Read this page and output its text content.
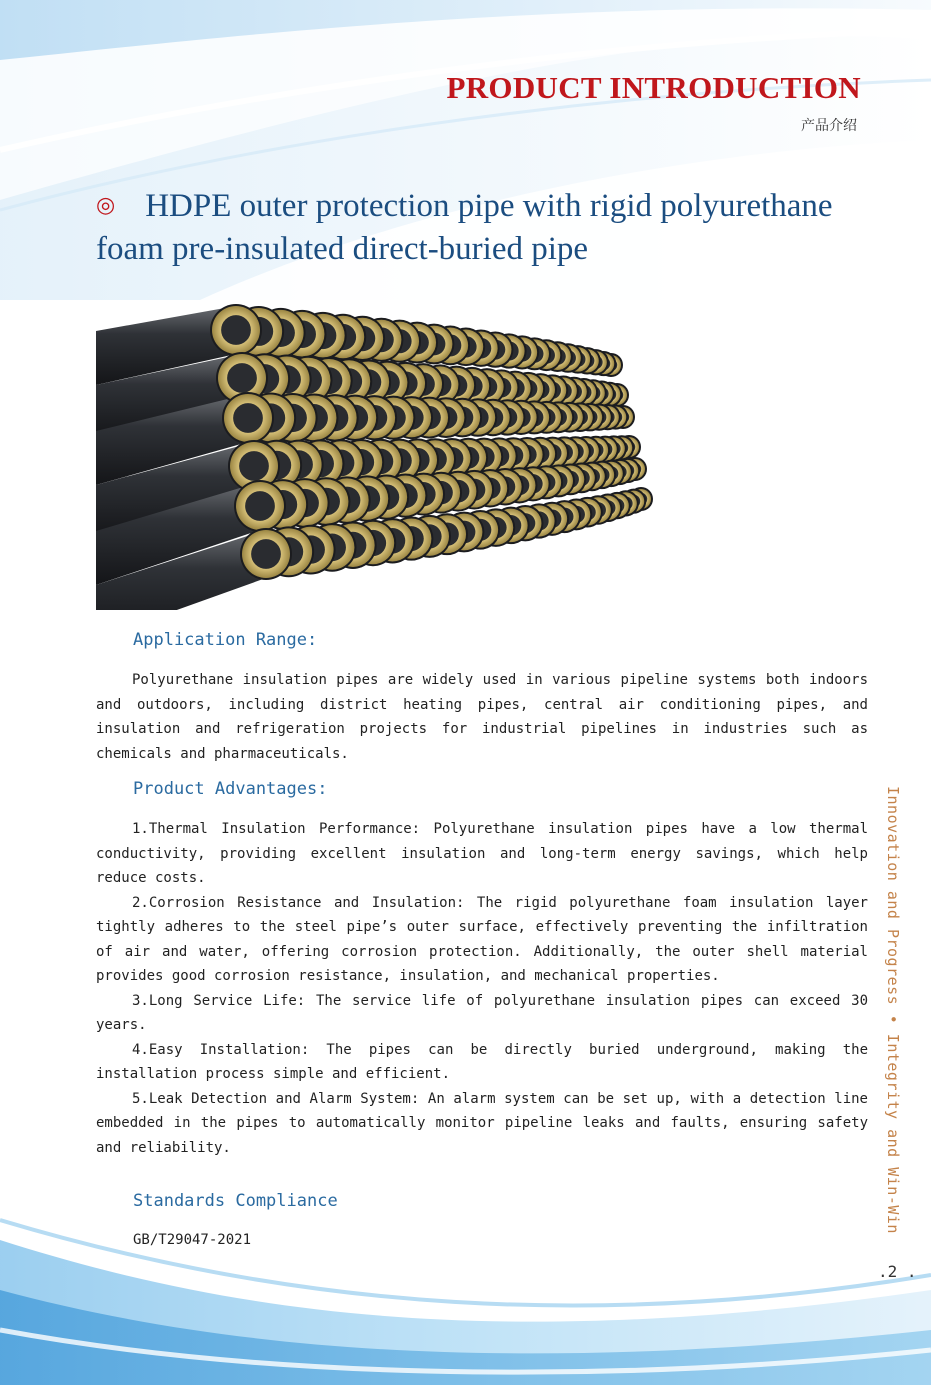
PRODUCT INTRODUCTION
产品介绍
◎ HDPE outer protection pipe with rigid polyurethane foam pre-insulated direct-buried pipe
Application Range:

Polyurethane insulation pipes are widely used in various pipeline systems both indoors and outdoors, including district heating pipes, central air conditioning pipes, and insulation and refrigeration projects for industrial pipelines in industries such as chemicals and pharmaceuticals.

Product Advantages:

1.Thermal Insulation Performance: Polyurethane insulation pipes have a low thermal conductivity, providing excellent insulation and long-term energy savings, which help reduce costs.

2.Corrosion Resistance and Insulation: The rigid polyurethane foam insulation layer tightly adheres to the steel pipe’s outer surface, effectively preventing the infiltration of air and water, offering corrosion protection. Additionally, the outer shell material provides good corrosion resistance, insulation, and mechanical properties.

3.Long Service Life: The service life of polyurethane insulation pipes can exceed 30 years.

4.Easy Installation: The pipes can be directly buried underground, making the installation process simple and efficient.

5.Leak Detection and Alarm System: An alarm system can be set up, with a detection line embedded in the pipes to automatically monitor pipeline leaks and faults, ensuring safety and reliability.

Standards Compliance
GB/T29047-2021
Innovation and Progress • Integrity and Win-Win
.2 .
